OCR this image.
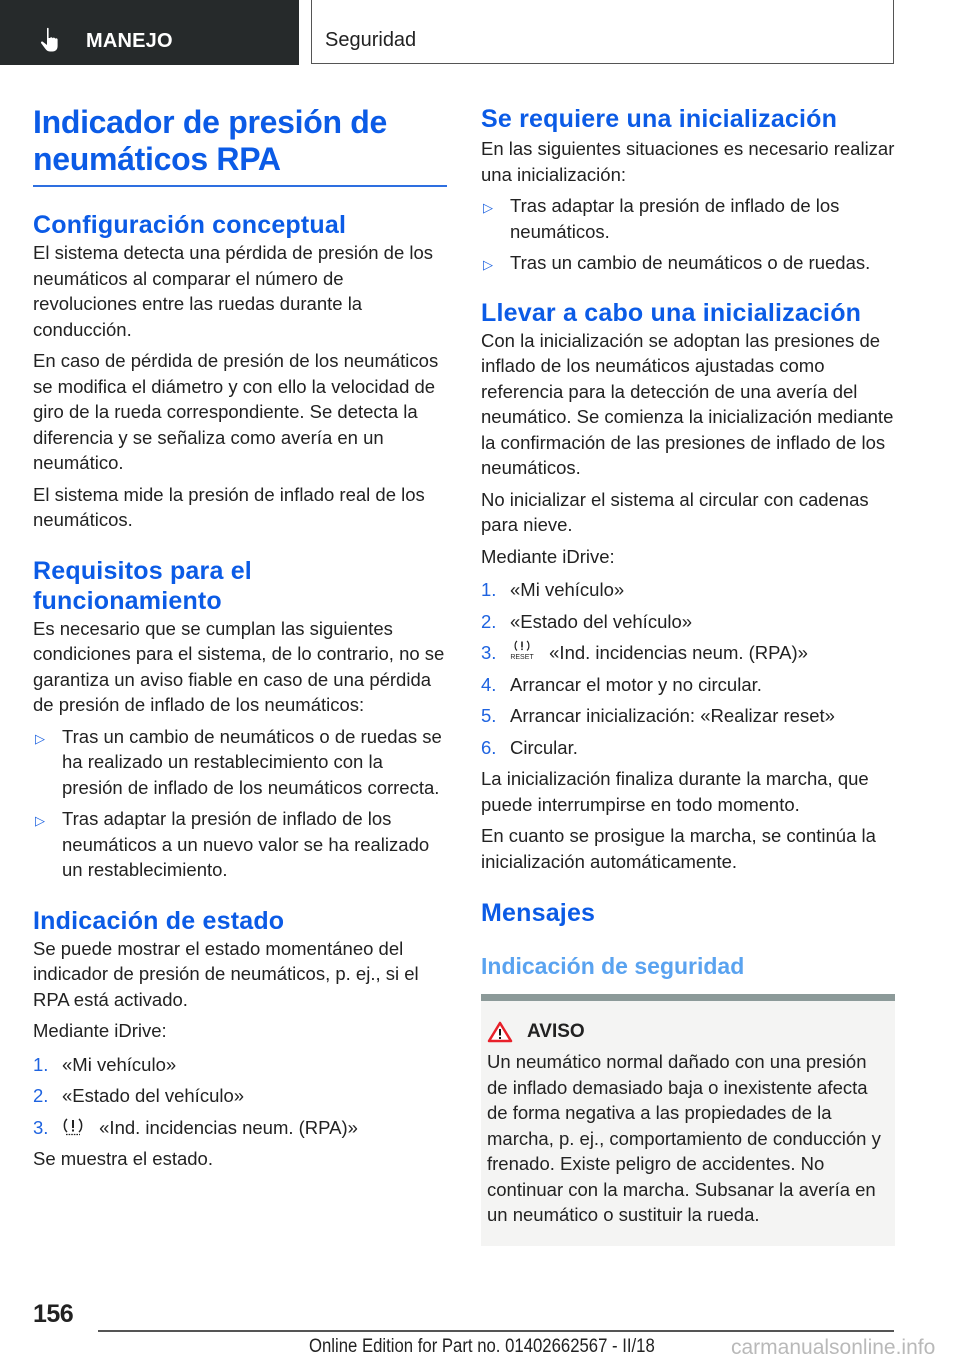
MANEJO	Seguridad
Indicador de presión de neumáticos RPA
Configuración conceptual

El sistema detecta una pérdida de presión de los neumáticos al comparar el número de revoluciones entre las ruedas durante la conducción.

En caso de pérdida de presión de los neumáticos se modifica el diámetro y con ello la velocidad de giro de la rueda correspondiente. Se detecta la diferencia y se señaliza como avería en un neumático.

El sistema mide la presión de inflado real de los neumáticos.

Requisitos para el funcionamiento

Es necesario que se cumplan las siguientes condiciones para el sistema, de lo contrario, no se garantiza un aviso fiable en caso de una pérdida de presión de inflado de los neumáticos:

▷ Tras un cambio de neumáticos o de ruedas se ha realizado un restablecimiento con la presión de inflado de los neumáticos correcta.
▷ Tras adaptar la presión de inflado de los neumáticos a un nuevo valor se ha realizado un restablecimiento.
Indicación de estado

Se puede mostrar el estado momentáneo del indicador de presión de neumáticos, p. ej., si el RPA está activado.

Mediante iDrive:

1. «Mi vehículo»
2. «Estado del vehículo»
3.	«Ind. incidencias neum. (RPA)»

Se muestra el estado.

Se requiere una inicialización

En las siguientes situaciones es necesario realizar una inicialización:

▷ Tras adaptar la presión de inflado de los neumáticos.
▷ Tras un cambio de neumáticos o de ruedas.
Llevar a cabo una inicialización

Con la inicialización se adoptan las presiones de inflado de los neumáticos ajustadas como referencia para la detección de una avería del neumático. Se comienza la inicialización mediante la confirmación de las presiones de inflado de los neumáticos.

No inicializar el sistema al circular con cadenas para nieve.

Mediante iDrive:

1. «Mi vehículo»
2. «Estado del vehículo»
3. RESET «Ind. incidencias neum. (RPA)»
4. Arrancar el motor y no circular.
5. Arrancar inicialización: «Realizar reset»
6. Circular.

La inicialización finaliza durante la marcha, que puede interrumpirse en todo momento.

En cuanto se prosigue la marcha, se continúa la inicialización automáticamente.

Mensajes
Indicación de seguridad
AVISO

Un neumático normal dañado con una presión de inflado demasiado baja o inexistente afecta de forma negativa a las propiedades de la marcha, p. ej., comportamiento de conducción y frenado. Existe peligro de accidentes. No continuar con la marcha. Subsanar la avería en un neumático o sustituir la rueda.

156
Online Edition for Part no. 01402662567 - II/18	carmanualsonline.info
